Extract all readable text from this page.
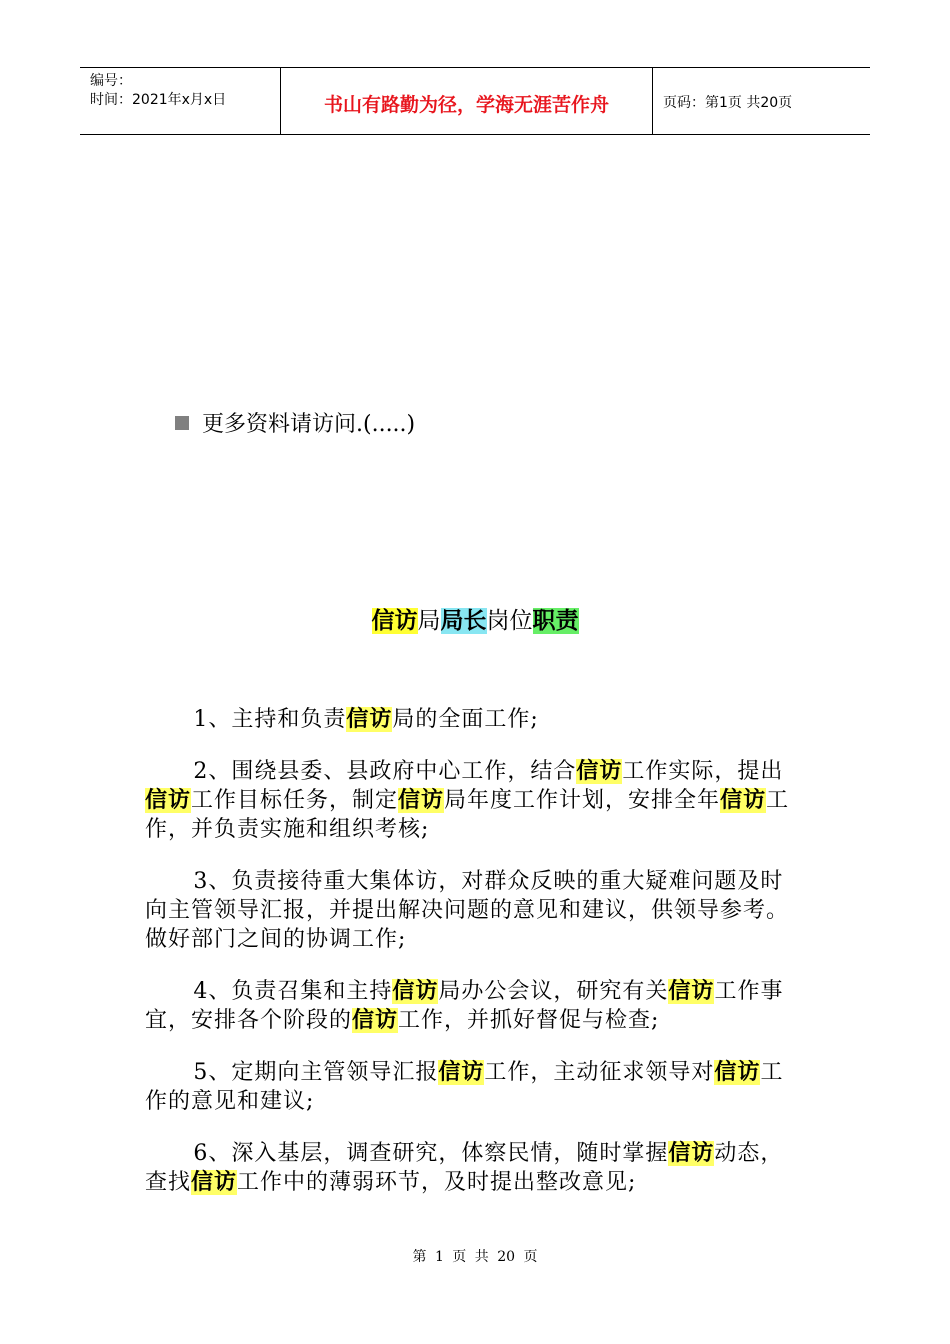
编号：
时间：2021年x月x日	书山有路勤为径，学海无涯苦作舟	页码：第1页 共20页
更多资料请访问.(.....)
信访局局长岗位职责

1、主持和负责信访局的全面工作;

2、围绕县委、县政府中心工作，结合信访工作实际，提出信访工作目标任务，制定信访局年度工作计划，安排全年信访工作，并负责实施和组织考核;

3、负责接待重大集体访，对群众反映的重大疑难问题及时向主管领导汇报，并提出解决问题的意见和建议，供领导参考。做好部门之间的协调工作;

4、负责召集和主持信访局办公会议，研究有关信访工作事宜，安排各个阶段的信访工作，并抓好督促与检查;

5、定期向主管领导汇报信访工作，主动征求领导对信访工作的意见和建议;

6、深入基层，调查研究，体察民情，随时掌握信访动态，查找信访工作中的薄弱环节，及时提出整改意见;

第 1 页 共 20 页
